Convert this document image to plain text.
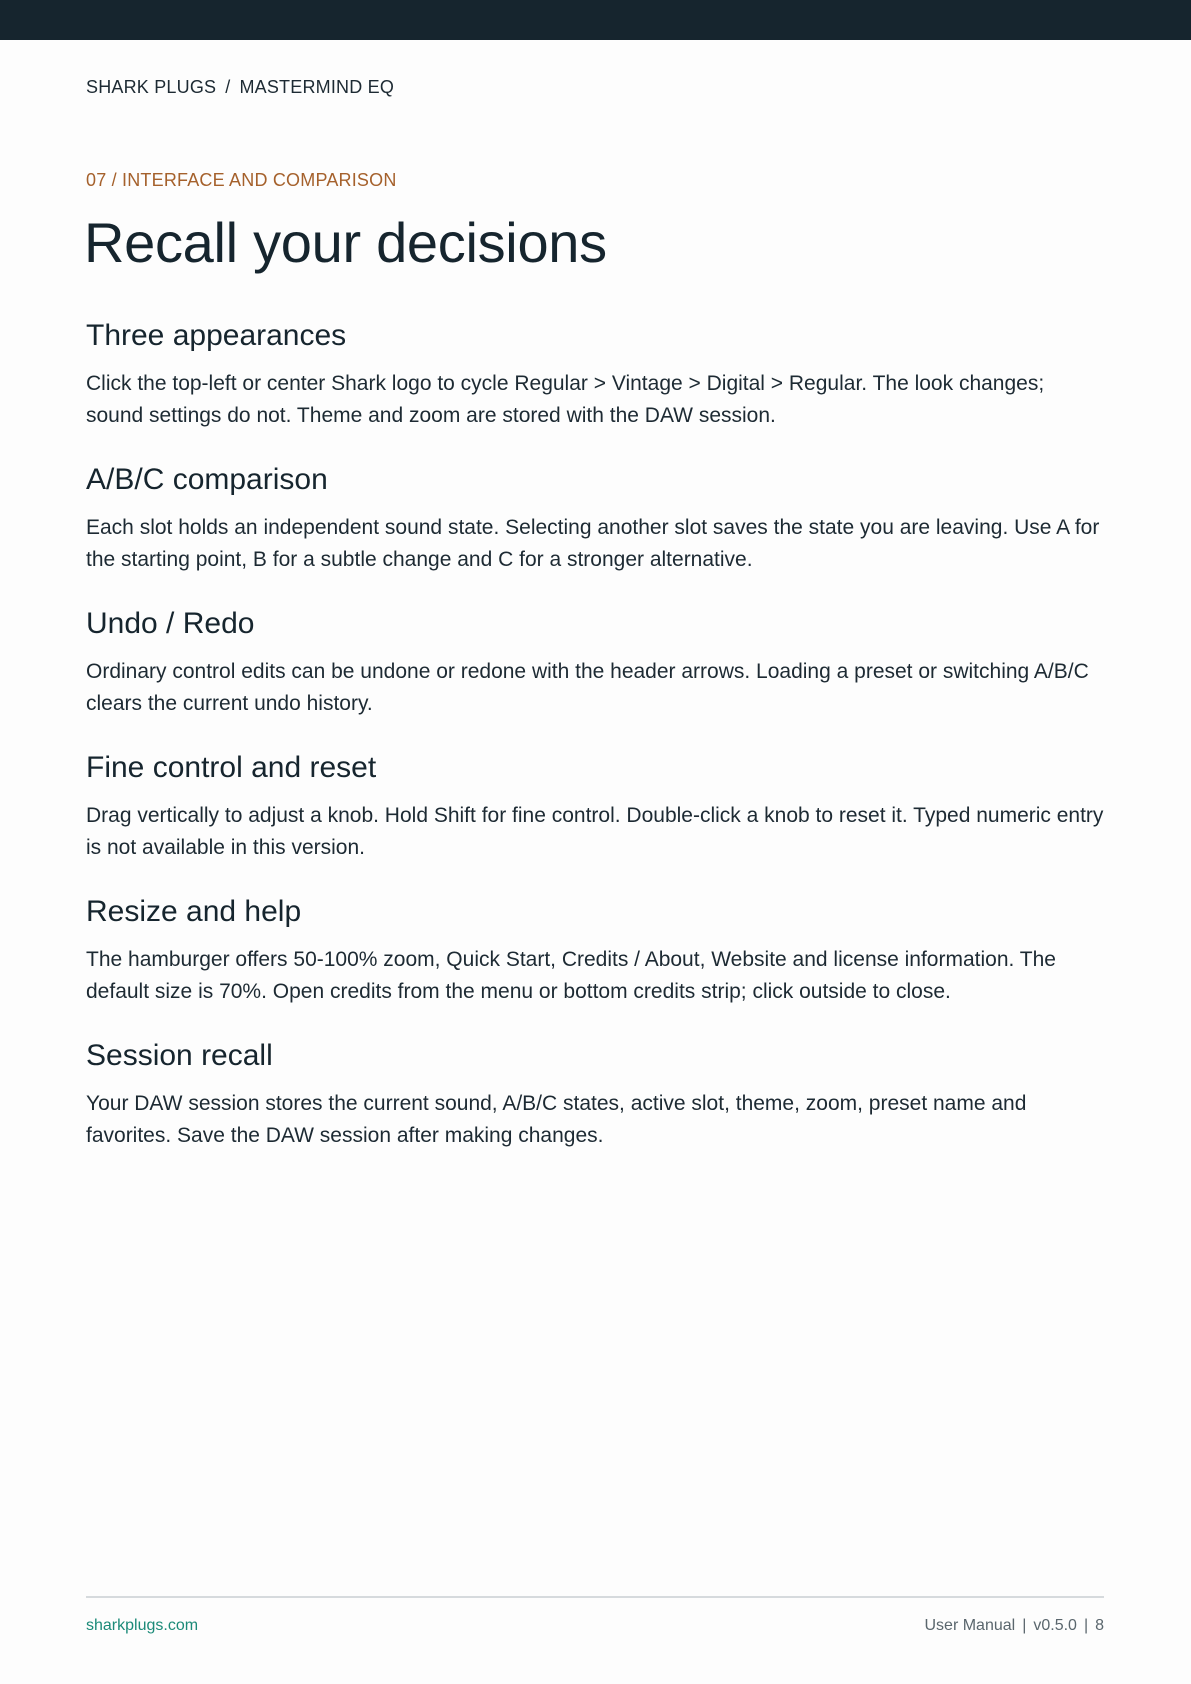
SHARK PLUGS / MASTERMIND EQ
07 / INTERFACE AND COMPARISON
Recall your decisions
Three appearances

Click the top-left or center Shark logo to cycle Regular > Vintage > Digital > Regular. The look changes; sound settings do not. Theme and zoom are stored with the DAW session.

A/B/C comparison

Each slot holds an independent sound state. Selecting another slot saves the state you are leaving. Use A for the starting point, B for a subtle change and C for a stronger alternative.

Undo / Redo

Ordinary control edits can be undone or redone with the header arrows. Loading a preset or switching A/B/C clears the current undo history.

Fine control and reset

Drag vertically to adjust a knob. Hold Shift for fine control. Double-click a knob to reset it. Typed numeric entry is not available in this version.

Resize and help

The hamburger offers 50-100% zoom, Quick Start, Credits / About, Website and license information. The default size is 70%. Open credits from the menu or bottom credits strip; click outside to close.

Session recall

Your DAW session stores the current sound, A/B/C states, active slot, theme, zoom, preset name and favorites. Save the DAW session after making changes.

sharkplugs.com	User Manual | v0.5.0 | 8
